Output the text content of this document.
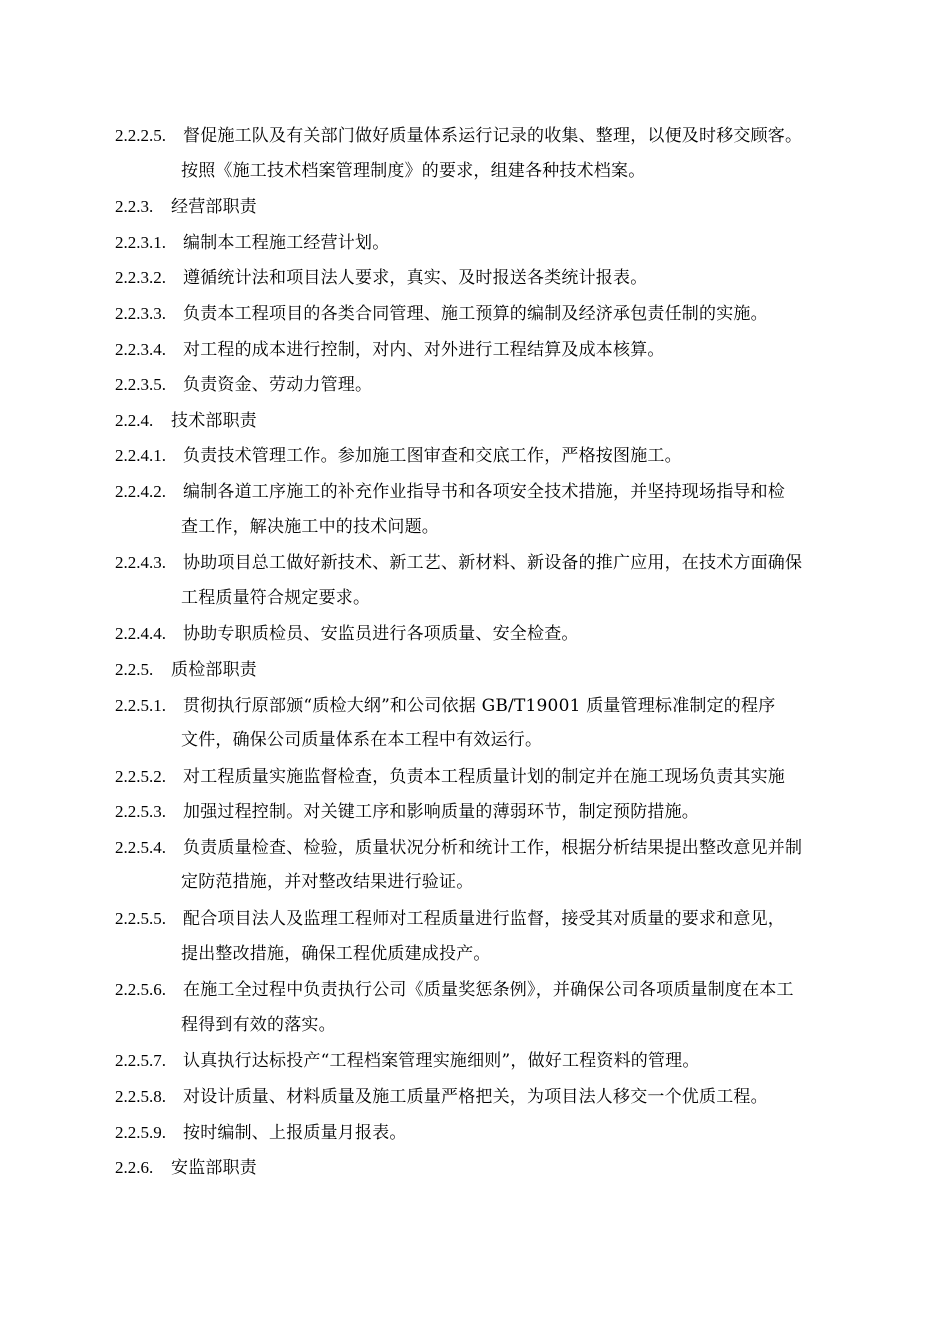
2.2.2.5. 督促施工队及有关部门做好质量体系运行记录的收集、整理，以便及时移交顾客。
按照《施工技术档案管理制度》的要求，组建各种技术档案。
2.2.3. 经营部职责
2.2.3.1. 编制本工程施工经营计划。
2.2.3.2. 遵循统计法和项目法人要求，真实、及时报送各类统计报表。
2.2.3.3. 负责本工程项目的各类合同管理、施工预算的编制及经济承包责任制的实施。
2.2.3.4. 对工程的成本进行控制，对内、对外进行工程结算及成本核算。
2.2.3.5. 负责资金、劳动力管理。
2.2.4. 技术部职责
2.2.4.1. 负责技术管理工作。参加施工图审查和交底工作，严格按图施工。
2.2.4.2. 编制各道工序施工的补充作业指导书和各项安全技术措施，并坚持现场指导和检
查工作，解决施工中的技术问题。
2.2.4.3. 协助项目总工做好新技术、新工艺、新材料、新设备的推广应用，在技术方面确保
工程质量符合规定要求。
2.2.4.4. 协助专职质检员、安监员进行各项质量、安全检查。
2.2.5. 质检部职责
2.2.5.1. 贯彻执行原部颁“质检大纲”和公司依据 GB/T19001 质量管理标准制定的程序
文件，确保公司质量体系在本工程中有效运行。
2.2.5.2. 对工程质量实施监督检查，负责本工程质量计划的制定并在施工现场负责其实施
2.2.5.3. 加强过程控制。对关键工序和影响质量的薄弱环节，制定预防措施。
2.2.5.4. 负责质量检查、检验，质量状况分析和统计工作，根据分析结果提出整改意见并制
定防范措施，并对整改结果进行验证。
2.2.5.5. 配合项目法人及监理工程师对工程质量进行监督，接受其对质量的要求和意见，
提出整改措施，确保工程优质建成投产。
2.2.5.6. 在施工全过程中负责执行公司《质量奖惩条例》，并确保公司各项质量制度在本工
程得到有效的落实。
2.2.5.7. 认真执行达标投产“工程档案管理实施细则”，做好工程资料的管理。
2.2.5.8. 对设计质量、材料质量及施工质量严格把关，为项目法人移交一个优质工程。
2.2.5.9. 按时编制、上报质量月报表。
2.2.6. 安监部职责
